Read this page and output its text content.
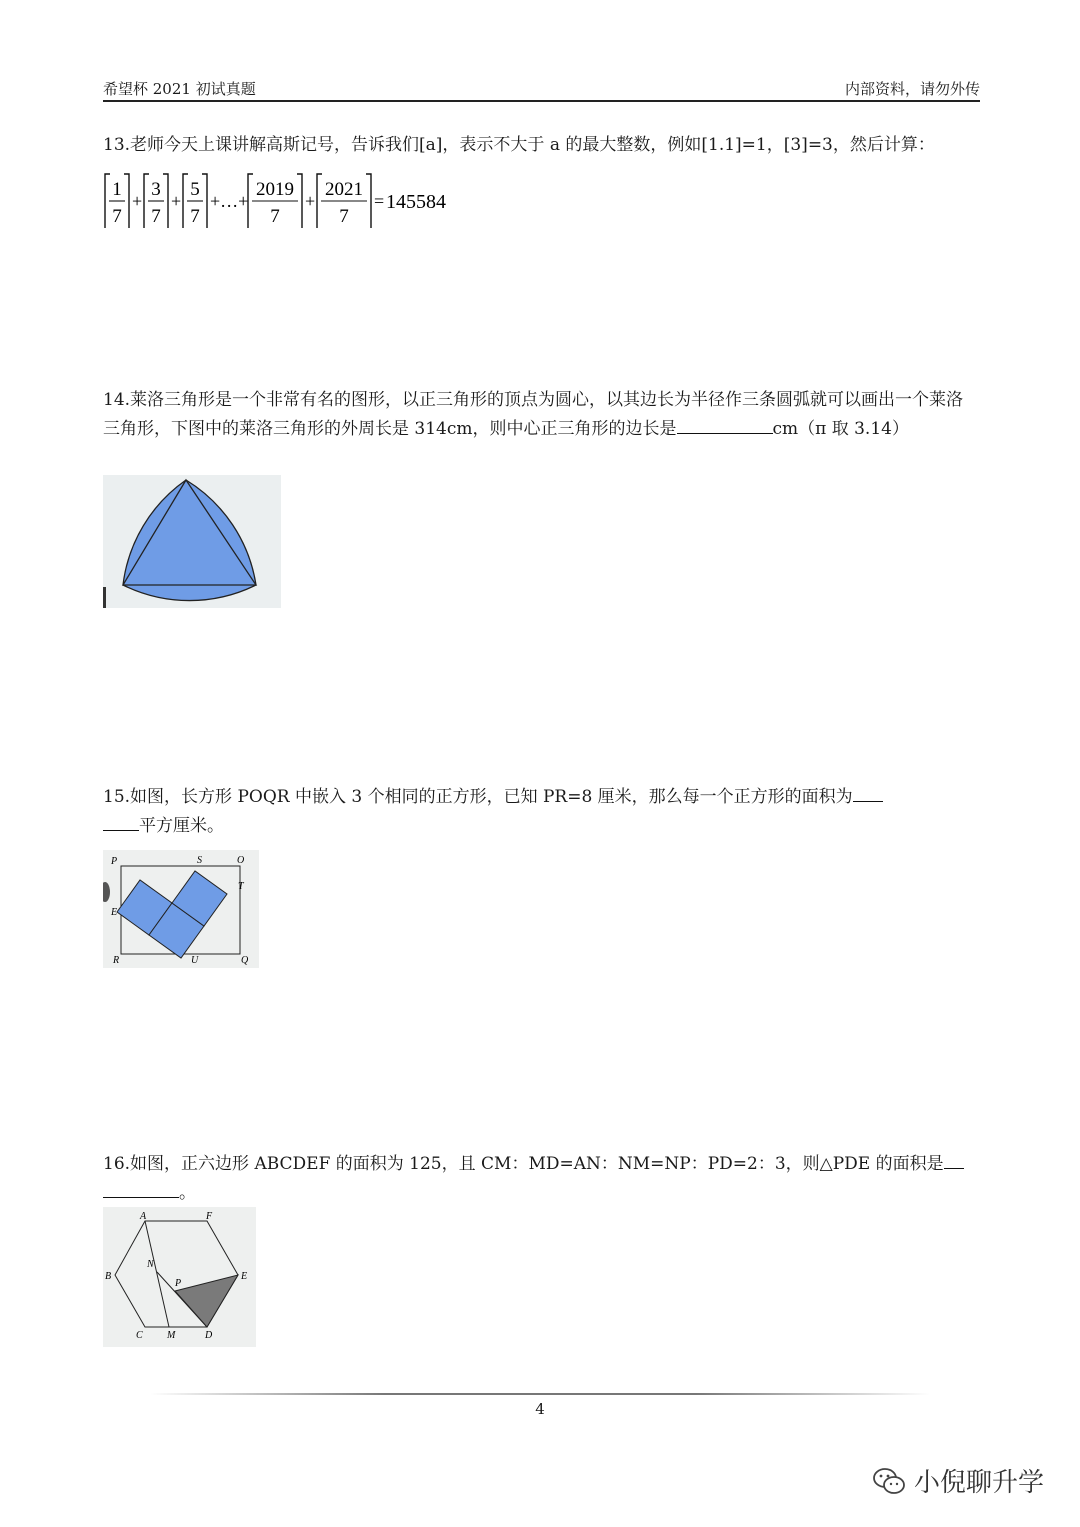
希望杯 2021 初试真题	内部资料，请勿外传
13.老师今天上课讲解高斯记号，告诉我们[a]，表示不大于 a 的最大整数，例如[1.1]=1，[3]=3，然后计算：
1
7
+
3
7
+
5
7
+…+
2019
7
+
2021
7
= 145584
14.莱洛三角形是一个非常有名的图形，以正三角形的顶点为圆心，以其边长为半径作三条圆弧就可以画出一个莱洛三角形，下图中的莱洛三角形的外周长是 314cm，则中心正三角形的边长是	cm（π 取 3.14）
15.如图，长方形 POQR 中嵌入 3 个相同的正方形，已知 PR=8 厘米，那么每一个正方形的面积为
平方厘米。
P	S	O
T
E
R	U	Q
16.如图，正六边形 ABCDEF 的面积为 125，且 CM：MD=AN：NM=NP：PD=2：3，则△PDE 的面积是
。
A	F
B
N
P
E
C M	D
4
小倪聊升学
